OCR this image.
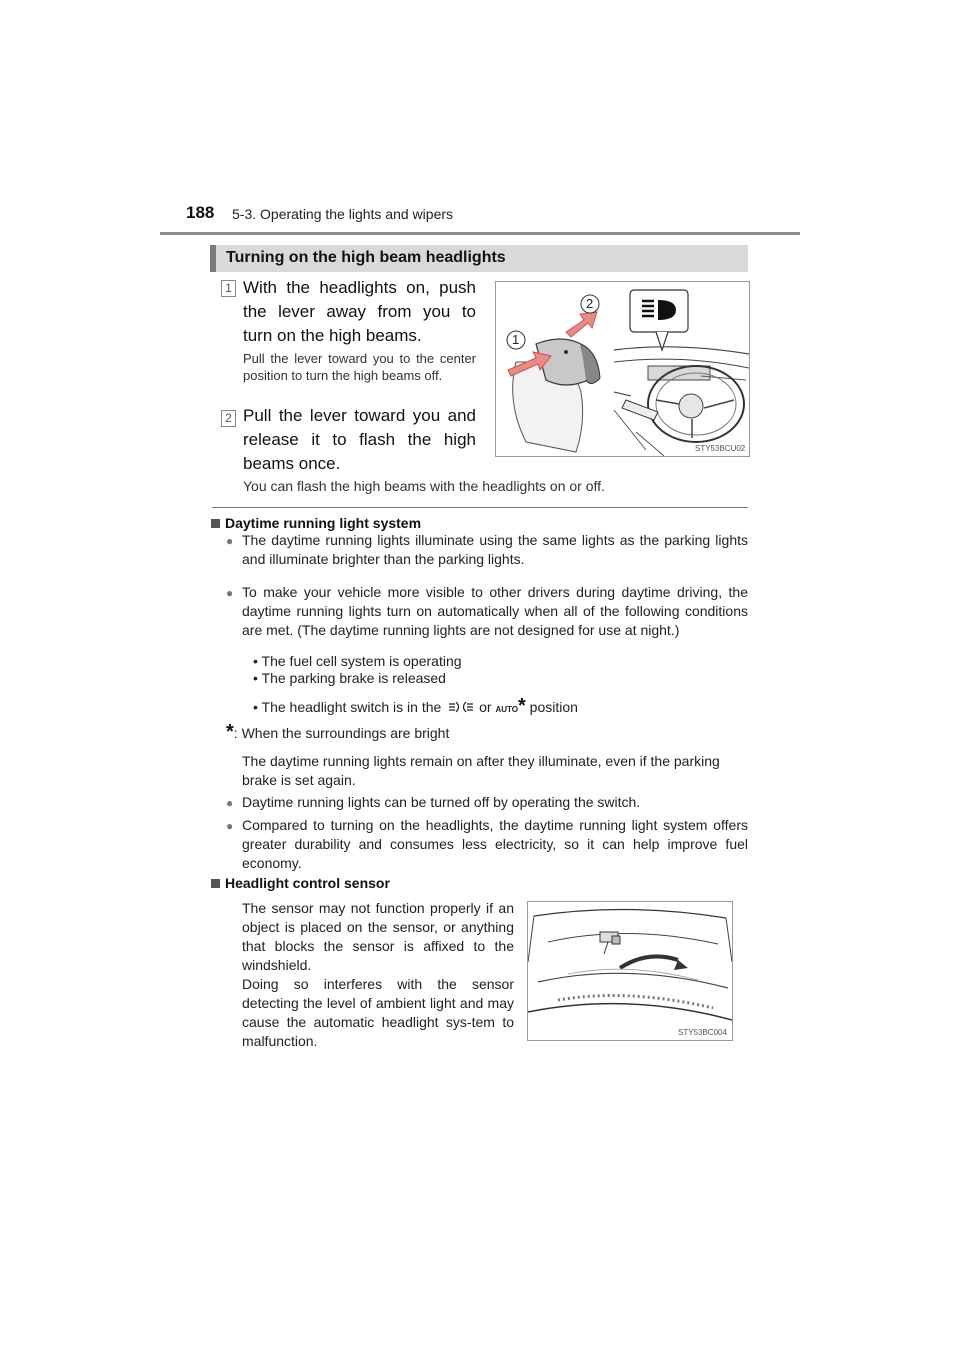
188 5-3. Operating the lights and wipers
Turning on the high beam headlights
1 With the headlights on, push the lever away from you to turn on the high beams.
Pull the lever toward you to the center position to turn the high beams off.
2 Pull the lever toward you and release it to flash the high beams once.
2
1
STY53BCU02
You can flash the high beams with the headlights on or off.
Daytime running light system
● The daytime running lights illuminate using the same lights as the parking lights and illuminate brighter than the parking lights.
● To make your vehicle more visible to other drivers during daytime driving, the daytime running lights turn on automatically when all of the following conditions are met. (The daytime running lights are not designed for use at night.)
• The fuel cell system is operating
• The parking brake is released
• The headlight switch is in the	or AUTO* position
*: When the surroundings are bright
The daytime running lights remain on after they illuminate, even if the parking brake is set again.
● Daytime running lights can be turned off by operating the switch.
● Compared to turning on the headlights, the daytime running light system offers greater durability and consumes less electricity, so it can help improve fuel economy.
Headlight control sensor
The sensor may not function properly if an object is placed on the sensor, or anything that blocks the sensor is affixed to the windshield.
Doing so interferes with the sensor detecting the level of ambient light and may cause the automatic headlight sys-tem to malfunction.
STY53BC004
